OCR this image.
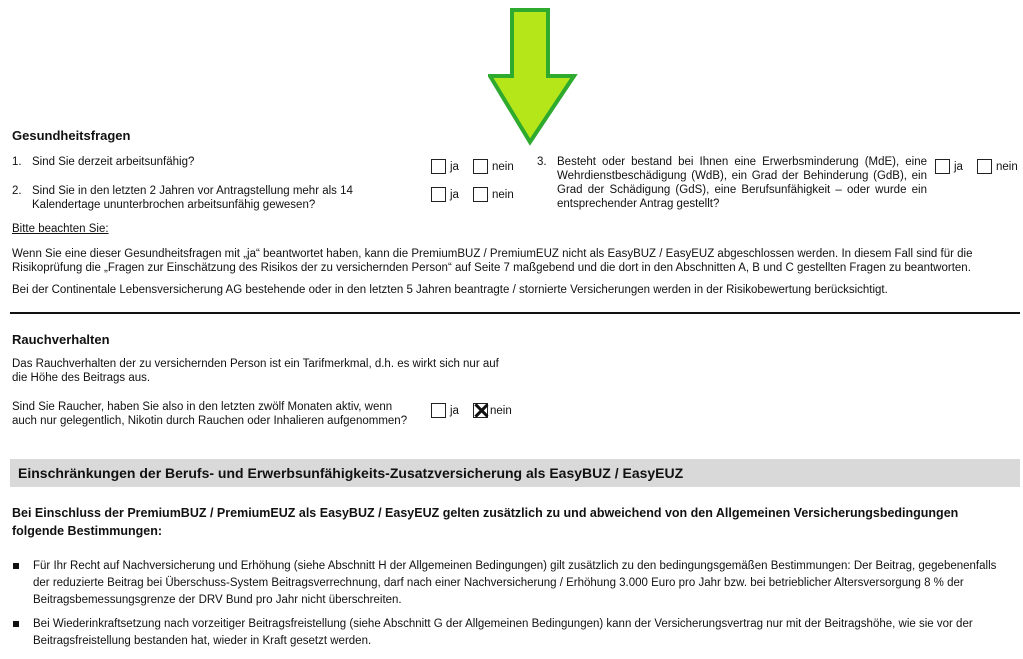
Gesundheitsfragen
1. Sind Sie derzeit arbeitsunfähig?	ja	nein
2. Sind Sie in den letzten 2 Jahren vor Antragstellung mehr als 14 Kalendertage ununterbrochen arbeitsunfähig gewesen?
ja	nein
3. Besteht oder bestand bei Ihnen eine Erwerbsminderung (MdE), eine Wehrdienstbeschädigung (WdB), ein Grad der Behinderung (GdB), ein Grad der Schädigung (GdS), eine Berufsunfähigkeit – oder wurde ein entsprechender Antrag gestellt?
ja	nein
Bitte beachten Sie:
Wenn Sie eine dieser Gesundheitsfragen mit „ja“ beantwortet haben, kann die PremiumBUZ / PremiumEUZ nicht als EasyBUZ / EasyEUZ abgeschlossen werden. In diesem Fall sind für die Risikoprüfung die „Fragen zur Einschätzung des Risikos der zu versichernden Person“ auf Seite 7 maßgebend und die dort in den Abschnitten A, B und C gestellten Fragen zu beantworten.
Bei der Continentale Lebensversicherung AG bestehende oder in den letzten 5 Jahren beantragte / stornierte Versicherungen werden in der Risikobewertung berücksichtigt.
Rauchverhalten
Das Rauchverhalten der zu versichernden Person ist ein Tarifmerkmal, d.h. es wirkt sich nur auf die Höhe des Beitrags aus.
Sind Sie Raucher, haben Sie also in den letzten zwölf Monaten aktiv, wenn auch nur gelegentlich, Nikotin durch Rauchen oder Inhalieren aufgenommen?
ja	nein
Einschränkungen der Berufs- und Erwerbsunfähigkeits-Zusatzversicherung als EasyBUZ / EasyEUZ
Bei Einschluss der PremiumBUZ / PremiumEUZ als EasyBUZ / EasyEUZ gelten zusätzlich zu und abweichend von den Allgemeinen Versicherungsbedingungen folgende Bestimmungen:
Für Ihr Recht auf Nachversicherung und Erhöhung (siehe Abschnitt H der Allgemeinen Bedingungen) gilt zusätzlich zu den bedingungsgemäßen Bestimmungen: Der Beitrag, gegebenenfalls der reduzierte Beitrag bei Überschuss-System Beitragsverrechnung, darf nach einer Nachversicherung / Erhöhung 3.000 Euro pro Jahr bzw. bei betrieblicher Altersversorgung 8 % der Beitragsbemessungsgrenze der DRV Bund pro Jahr nicht überschreiten.
Bei Wiederinkraftsetzung nach vorzeitiger Beitragsfreistellung (siehe Abschnitt G der Allgemeinen Bedingungen) kann der Versicherungsvertrag nur mit der Beitragshöhe, wie sie vor der Beitragsfreistellung bestanden hat, wieder in Kraft gesetzt werden.
